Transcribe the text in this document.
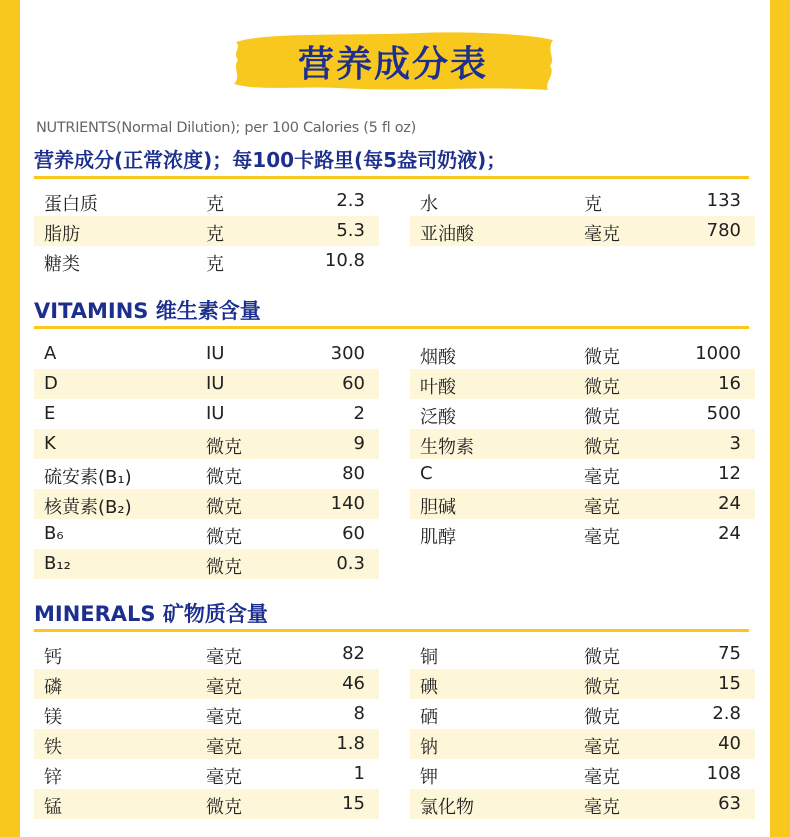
营养成分表
NUTRIENTS(Normal Dilution); per 100 Calories (5 fl oz)
营养成分(正常浓度)；每100卡路里(每5盎司奶液)；
蛋白质	克	2.3
脂肪	克	5.3
糖类	克	10.8
水	克	133
亚油酸	毫克	780
VITAMINS 维生素含量
A	IU	300
D	IU	60
E	IU	2
K	微克	9
硫安素(B₁)	微克	80
核黄素(B₂)	微克	140
B₆	微克	60
B₁₂	微克	0.3
烟酸	微克	1000
叶酸	微克	16
泛酸	微克	500
生物素	微克	3
C	毫克	12
胆碱	毫克	24
肌醇	毫克	24
MINERALS 矿物质含量
钙	毫克	82
磷	毫克	46
镁	毫克	8
铁	毫克	1.8
锌	毫克	1
锰	微克	15
铜	微克	75
碘	微克	15
硒	微克	2.8
钠	毫克	40
钾	毫克	108
氯化物	毫克	63
